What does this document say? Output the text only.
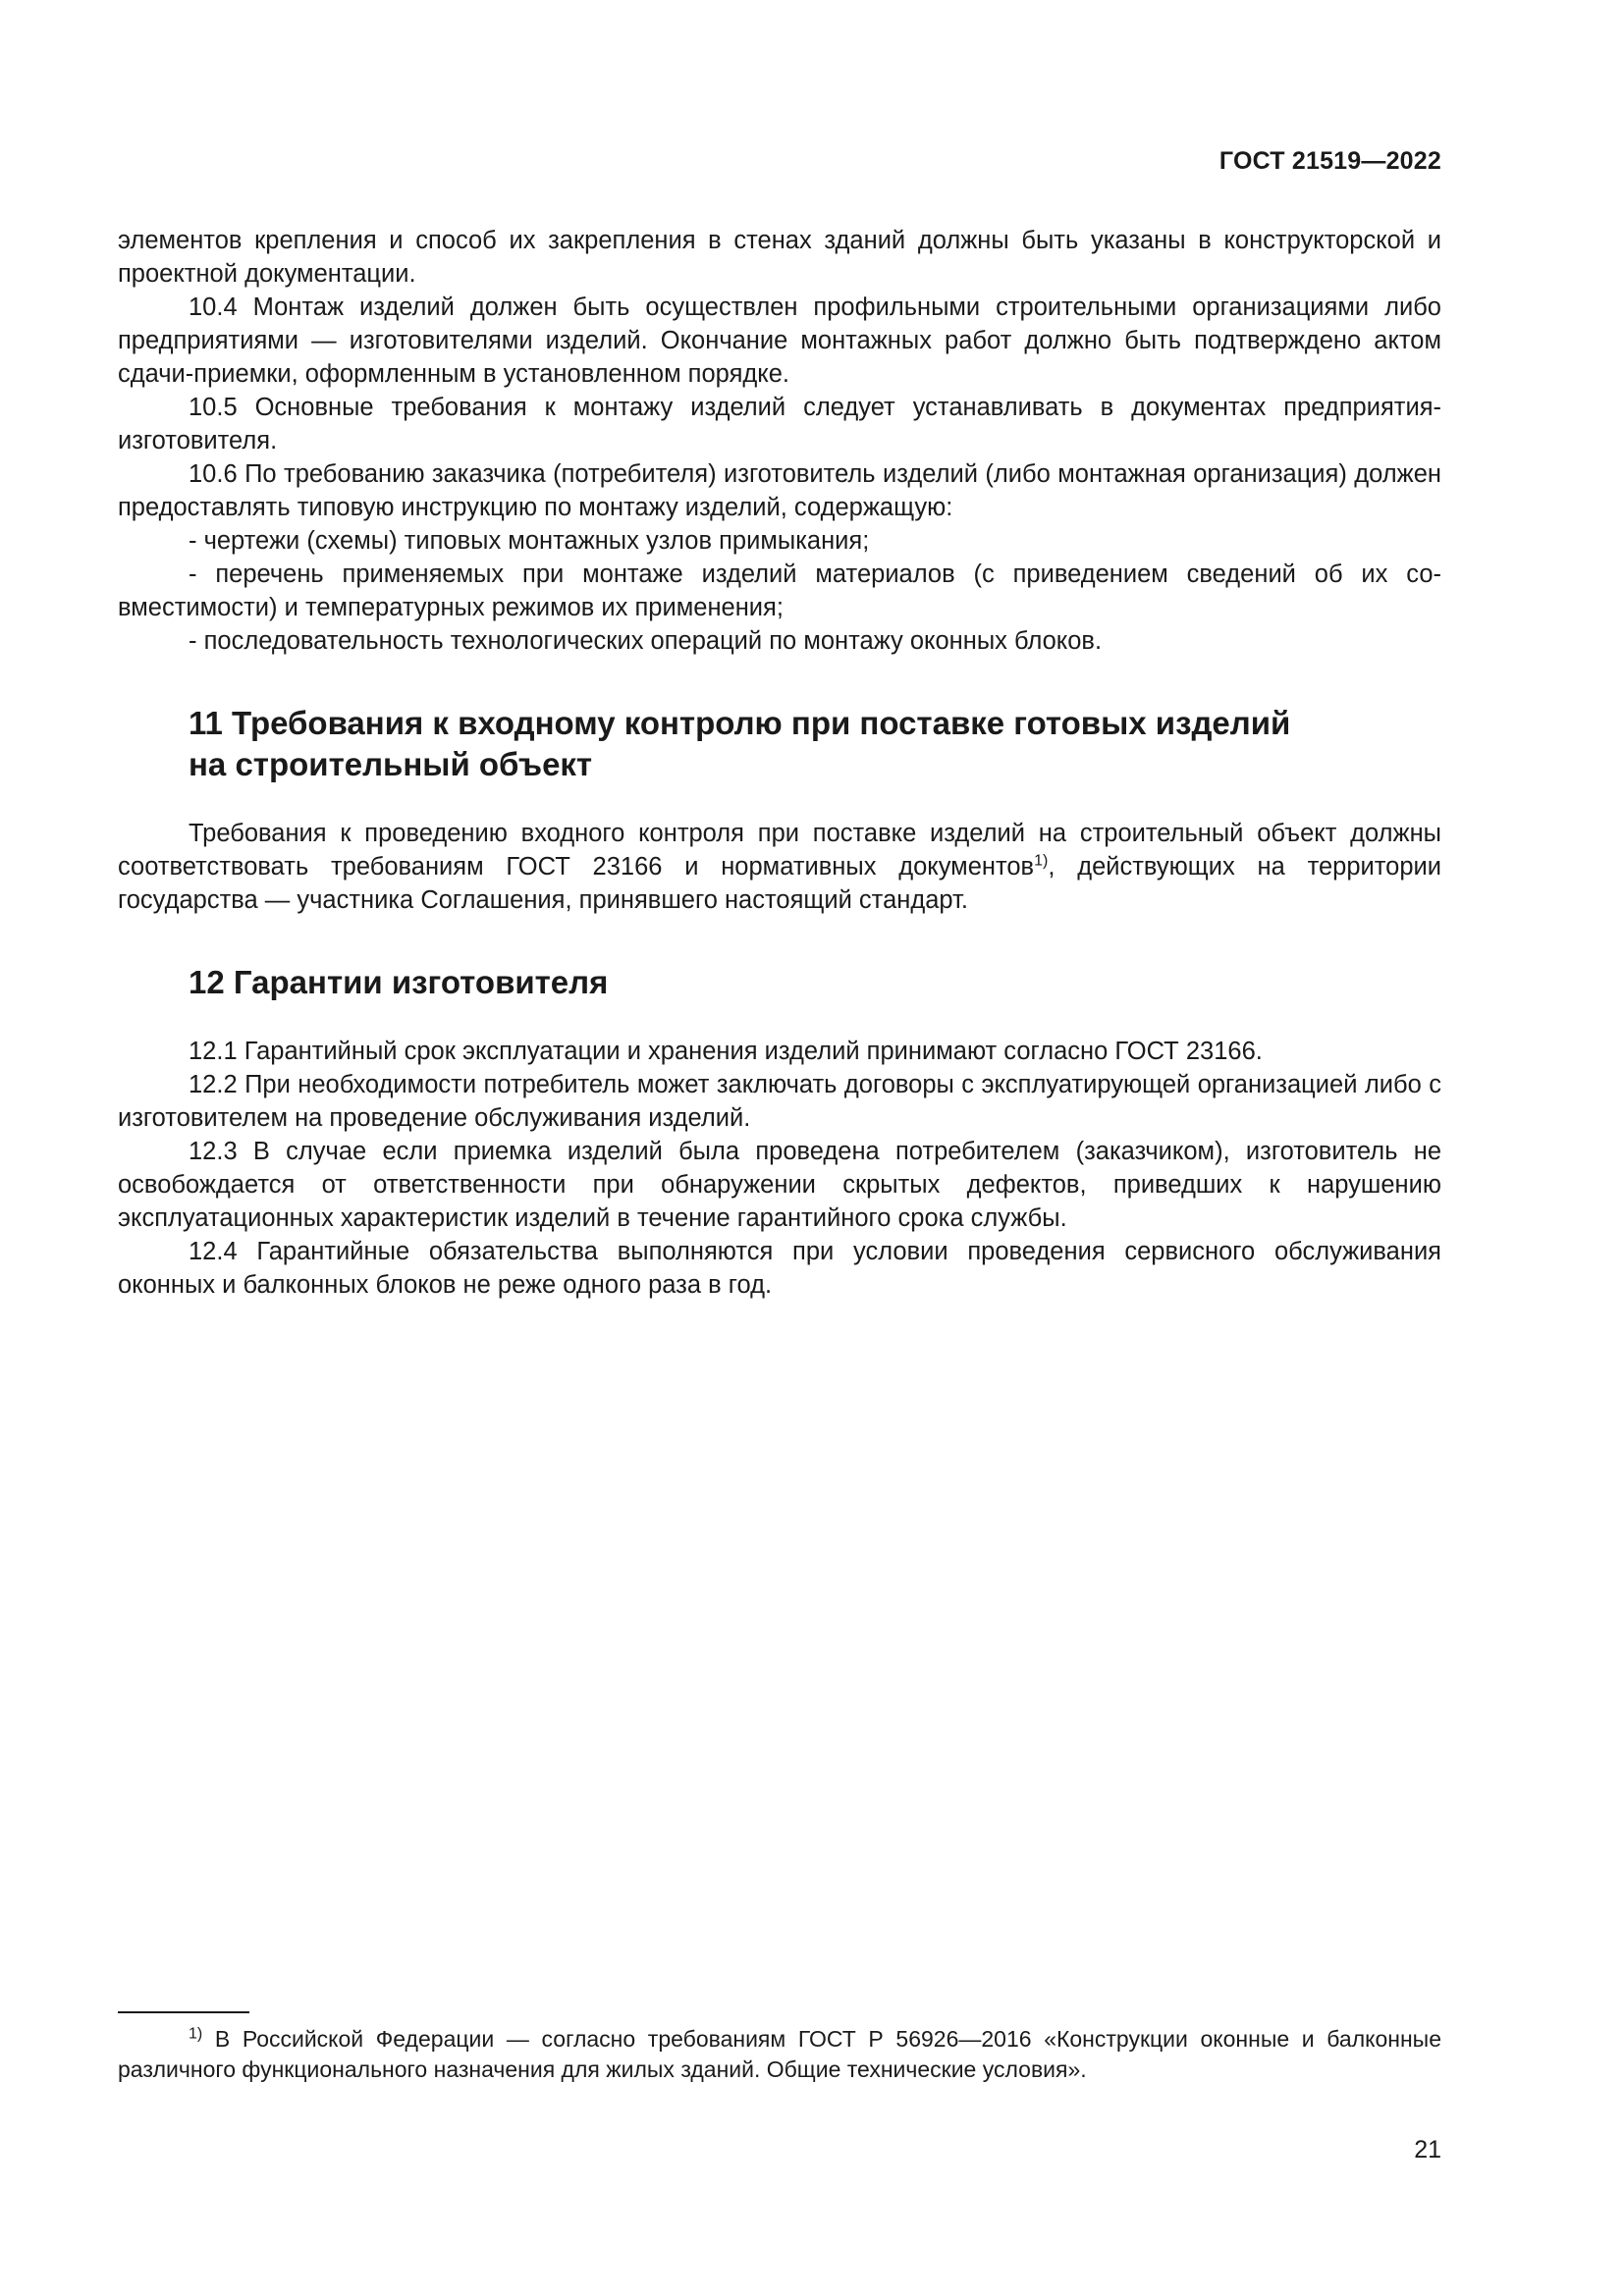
ГОСТ 21519—2022

элементов крепления и способ их закрепления в стенах зданий должны быть указаны в конструкторской и проектной документации.

10.4 Монтаж изделий должен быть осуществлен профильными строительными организациями либо предприятиями — изготовителями изделий. Окончание монтажных работ должно быть подтверждено актом сдачи-приемки, оформленным в установленном порядке.

10.5 Основные требования к монтажу изделий следует устанавливать в документах предприятия-изготовителя.

10.6 По требованию заказчика (потребителя) изготовитель изделий (либо монтажная организация) должен предоставлять типовую инструкцию по монтажу изделий, содержащую:

- чертежи (схемы) типовых монтажных узлов примыкания;

- перечень применяемых при монтаже изделий материалов (с приведением сведений об их совместимости) и температурных режимов их применения;

- последовательность технологических операций по монтажу оконных блоков.

11 Требования к входному контролю при поставке готовых изделий
на строительный объект

Требования к проведению входного контроля при поставке изделий на строительный объект должны соответствовать требованиям ГОСТ 23166 и нормативных документов$^{1)}$, действующих на территории государства — участника Соглашения, принявшего настоящий стандарт.

12 Гарантии изготовителя

12.1 Гарантийный срок эксплуатации и хранения изделий принимают согласно ГОСТ 23166.

12.2 При необходимости потребитель может заключать договоры с эксплуатирующей организацией либо с изготовителем на проведение обслуживания изделий.

12.3 В случае если приемка изделий была проведена потребителем (заказчиком), изготовитель не освобождается от ответственности при обнаружении скрытых дефектов, приведших к нарушению эксплуатационных характеристик изделий в течение гарантийного срока службы.

12.4 Гарантийные обязательства выполняются при условии проведения сервисного обслуживания оконных и балконных блоков не реже одного раза в год.

$^{1)}$ В Российской Федерации — согласно требованиям ГОСТ Р 56926—2016 «Конструкции оконные и балконные различного функционального назначения для жилых зданий. Общие технические условия».
21
